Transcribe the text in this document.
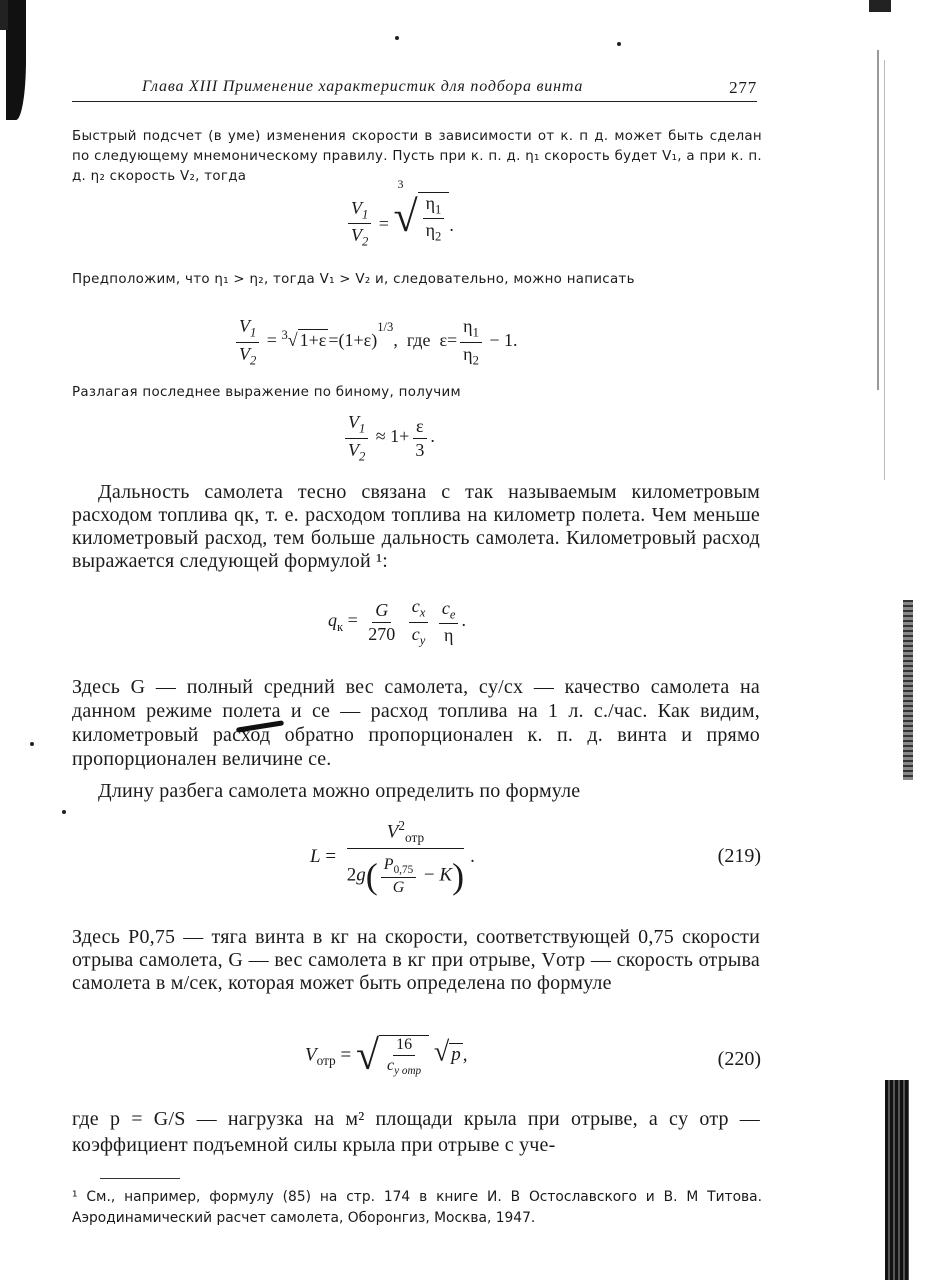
Глава XIII Применение характеристик для подбора винта	277
Быстрый подсчет (в уме) изменения скорости в зависимости от к. п д. может быть сделан по следующему мнемоническому правилу. Пусть при к. п. д. η₁ скорость будет V₁, а при к. п. д. η₂ скорость V₂, тогда
$\frac{V_1}{V_2}$ =
3
√ $\frac{\eta_1}{\eta_2}$ .
Предположим, что η₁ > η₂, тогда V₁ > V₂ и, следовательно, можно написать
$\frac{V_1}{V_2} = ^3√$ $1+\varepsilon =(1+\varepsilon)^{1/3}$,  где  $\varepsilon= \frac{\eta_1}{\eta_2} - 1$.
Разлагая последнее выражение по биному, получим
$\frac{V_1}{V_2} \approx 1+ \frac{\varepsilon}{3}$ .
Дальность самолета тесно связана с так называемым километровым расходом топлива qк, т. е. расходом топлива на километр полета. Чем меньше километровый расход, тем больше дальность самолета. Километровый расход выражается следующей формулой ¹:
$q_к = \frac{G}{270}$
$\frac{c_x}{c_y}$
$\frac{c_e}{\eta}$ .
Здесь G — полный средний вес самолета, cy/cx — качество самолета на данном режиме полета и cе — расход топлива на 1 л. с./час. Как видим, километровый расход обратно пропорционален к. п. д. винта и прямо пропорционален величине cе.
Длину разбега самолета можно определить по формуле
L =
$V^2_{отр}$
$2g( \frac{P_{0,75}}{G} - K)$ .	(219)
Здесь P0,75 — тяга винта в кг на скорости, соответствующей 0,75 скорости отрыва самолета, G — вес самолета в кг при отрыве, Vотр — скорость отрыва самолета в м/сек, которая может быть определена по формуле
$V_{отр}$ = √ 16
$c_{y отр}$
√ p ,	(220)
где p = G/S — нагрузка на м² площади крыла при отрыве, а cy отр — коэффициент подъемной силы крыла при отрыве с уче-
¹ См., например, формулу (85) на стр. 174 в книге И. В Остославского и В. М Титова. Аэродинамический расчет самолета, Оборонгиз, Москва, 1947.
